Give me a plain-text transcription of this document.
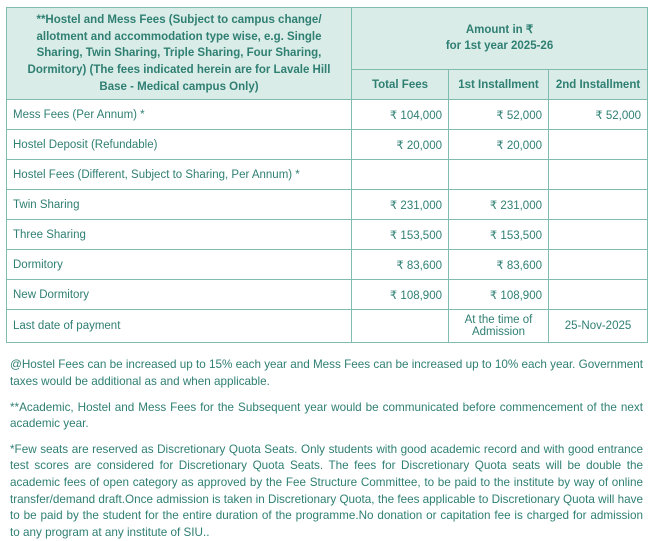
**Hostel and Mess Fees (Subject to campus change/ allotment and accommodation type wise, e.g. Single Sharing, Twin Sharing, Triple Sharing, Four Sharing, Dormitory) (The fees indicated herein are for Lavale Hill Base - Medical campus Only)	Amount in ₹
for 1st year 2025-26		
	Total Fees	1st Installment	2nd Installment
Mess Fees (Per Annum) *	₹ 104,000	₹ 52,000	₹ 52,000
Hostel Deposit (Refundable)	₹ 20,000	₹ 20,000	
Hostel Fees (Different, Subject to Sharing, Per Annum) *			
Twin Sharing	₹ 231,000	₹ 231,000	
Three Sharing	₹ 153,500	₹ 153,500	
Dormitory	₹ 83,600	₹ 83,600	
New Dormitory	₹ 108,900	₹ 108,900	
Last date of payment		At the time of Admission	25-Nov-2025

@Hostel Fees can be increased up to 15% each year and Mess Fees can be increased up to 10% each year. Government taxes would be additional as and when applicable.

**Academic, Hostel and Mess Fees for the Subsequent year would be communicated before commencement of the next academic year.

*Few seats are reserved as Discretionary Quota Seats. Only students with good academic record and with good entrance test scores are considered for Discretionary Quota Seats. The fees for Discretionary Quota seats will be double the academic fees of open category as approved by the Fee Structure Committee, to be paid to the institute by way of online transfer/demand draft.Once admission is taken in Discretionary Quota, the fees applicable to Discretionary Quota will have to be paid by the student for the entire duration of the programme.No donation or capitation fee is charged for admission to any program at any institute of SIU..
